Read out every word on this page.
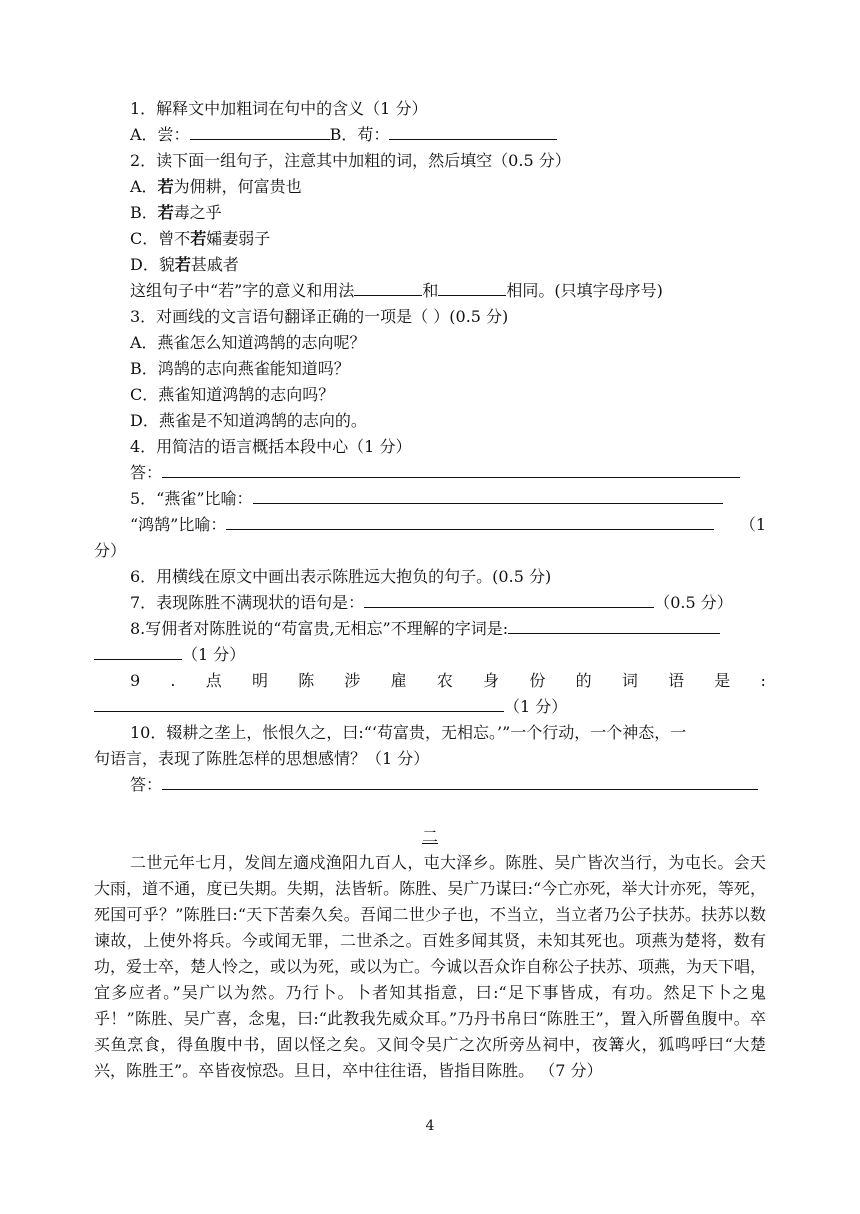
1．解释文中加粗词在句中的含义（1 分）
A．尝：	B．苟：
2．读下面一组句子，注意其中加粗的词，然后填空（0.5 分）
A．若为佣耕，何富贵也
B．若毒之乎
C．曾不若孀妻弱子
D．貌若甚戚者
这组句子中“若”字的意义和用法	和	相同。(只填字母序号)
3．对画线的文言语句翻译正确的一项是（ ）(0.5 分)
A．燕雀怎么知道鸿鹄的志向呢？
B．鸿鹄的志向燕雀能知道吗？
C．燕雀知道鸿鹄的志向吗？
D．燕雀是不知道鸿鹄的志向的。
4．用简洁的语言概括本段中心（1 分）
答：
5．“燕雀”比喻：
“鸿鹄”比喻：	（1
分）
6．用横线在原文中画出表示陈胜远大抱负的句子。(0.5 分)
7．表现陈胜不满现状的语句是：	（0.5 分）
8.写佣者对陈胜说的“苟富贵,无相忘”不理解的字词是:
（1 分）
9 . 点 明 陈 涉 雇 农 身 份 的 词 语 是 :
（1 分）
10．辍耕之垄上，怅恨久之，曰:“‘苟富贵，无相忘。’”一个行动，一个神态，一
句语言，表现了陈胜怎样的思想感情？（1 分）
答：
二
二世元年七月，发闾左適戍渔阳九百人，屯大泽乡。陈胜、吴广皆次当行，为屯长。会天大雨，道不通，度已失期。失期，法皆斩。陈胜、吴广乃谋曰:“今亡亦死，举大计亦死，等死，死国可乎？”陈胜曰:“天下苦秦久矣。吾闻二世少子也，不当立，当立者乃公子扶苏。扶苏以数谏故，上使外将兵。今或闻无罪，二世杀之。百姓多闻其贤，未知其死也。项燕为楚将，数有功，爱士卒，楚人怜之，或以为死，或以为亡。今诚以吾众诈自称公子扶苏、项燕，为天下唱，宜多应者。”吴广以为然。乃行卜。卜者知其指意，曰:“足下事皆成，有功。然足下卜之鬼乎！”陈胜、吴广喜，念鬼，曰:“此教我先威众耳。”乃丹书帛曰“陈胜王”，置入所罾鱼腹中。卒买鱼烹食，得鱼腹中书，固以怪之矣。又间令吴广之次所旁丛祠中，夜篝火，狐鸣呼曰“大楚兴，陈胜王”。卒皆夜惊恐。旦日，卒中往往语，皆指目陈胜。 （7 分）
4
